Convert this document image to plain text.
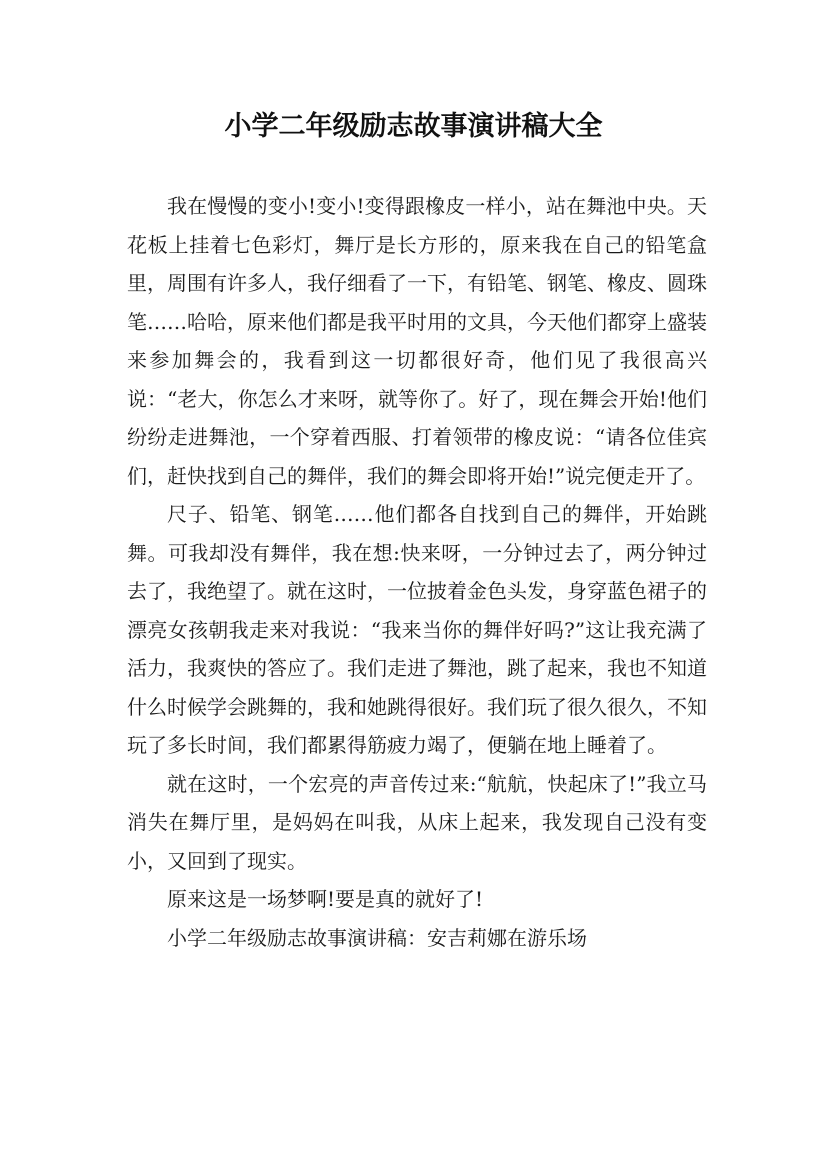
小学二年级励志故事演讲稿大全

我在慢慢的变小!变小!变得跟橡皮一样小，站在舞池中央。天花板上挂着七色彩灯，舞厅是长方形的，原来我在自己的铅笔盒里，周围有许多人，我仔细看了一下，有铅笔、钢笔、橡皮、圆珠笔……哈哈，原来他们都是我平时用的文具，今天他们都穿上盛装来参加舞会的，我看到这一切都很好奇，他们见了我很高兴说：“老大，你怎么才来呀，就等你了。好了，现在舞会开始!他们纷纷走进舞池，一个穿着西服、打着领带的橡皮说：“请各位佳宾们，赶快找到自己的舞伴，我们的舞会即将开始!”说完便走开了。

尺子、铅笔、钢笔……他们都各自找到自己的舞伴，开始跳舞。可我却没有舞伴，我在想:快来呀，一分钟过去了，两分钟过去了，我绝望了。就在这时，一位披着金色头发，身穿蓝色裙子的漂亮女孩朝我走来对我说：“我来当你的舞伴好吗?”这让我充满了活力，我爽快的答应了。我们走进了舞池，跳了起来，我也不知道什么时候学会跳舞的，我和她跳得很好。我们玩了很久很久，不知玩了多长时间，我们都累得筋疲力竭了，便躺在地上睡着了。

就在这时，一个宏亮的声音传过来:“航航，快起床了!”我立马消失在舞厅里，是妈妈在叫我，从床上起来，我发现自己没有变小，又回到了现实。

原来这是一场梦啊!要是真的就好了!

小学二年级励志故事演讲稿：安吉莉娜在游乐场
